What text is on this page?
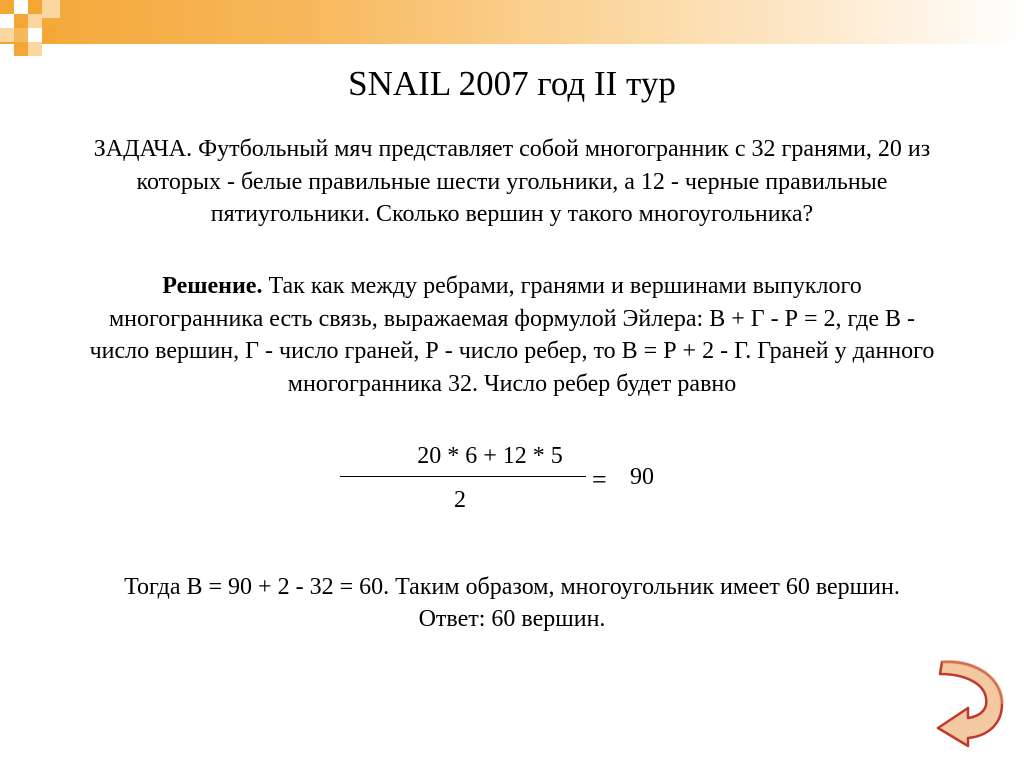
SNAIL 2007 год II тур
ЗАДАЧА. Футбольный мяч представляет собой многогранник с 32 гранями, 20 из
которых - белые правильные шести угольники, а 12 - черные правильные
пятиугольники. Сколько вершин у такого многоугольника?
Решение. Так как между ребрами, гранями и вершинами выпуклого
многогранника есть связь, выражаемая формулой Эйлера: В + Г - Р = 2, где В -
число вершин, Г - число граней, Р - число ребер, то В = Р + 2 - Г. Граней у данного
многогранника 32. Число ребер будет равно
20 * 6 + 12 * 5
2
= 90
Тогда В = 90 + 2 - 32 = 60. Таким образом, многоугольник имеет 60 вершин.
Ответ: 60 вершин.
